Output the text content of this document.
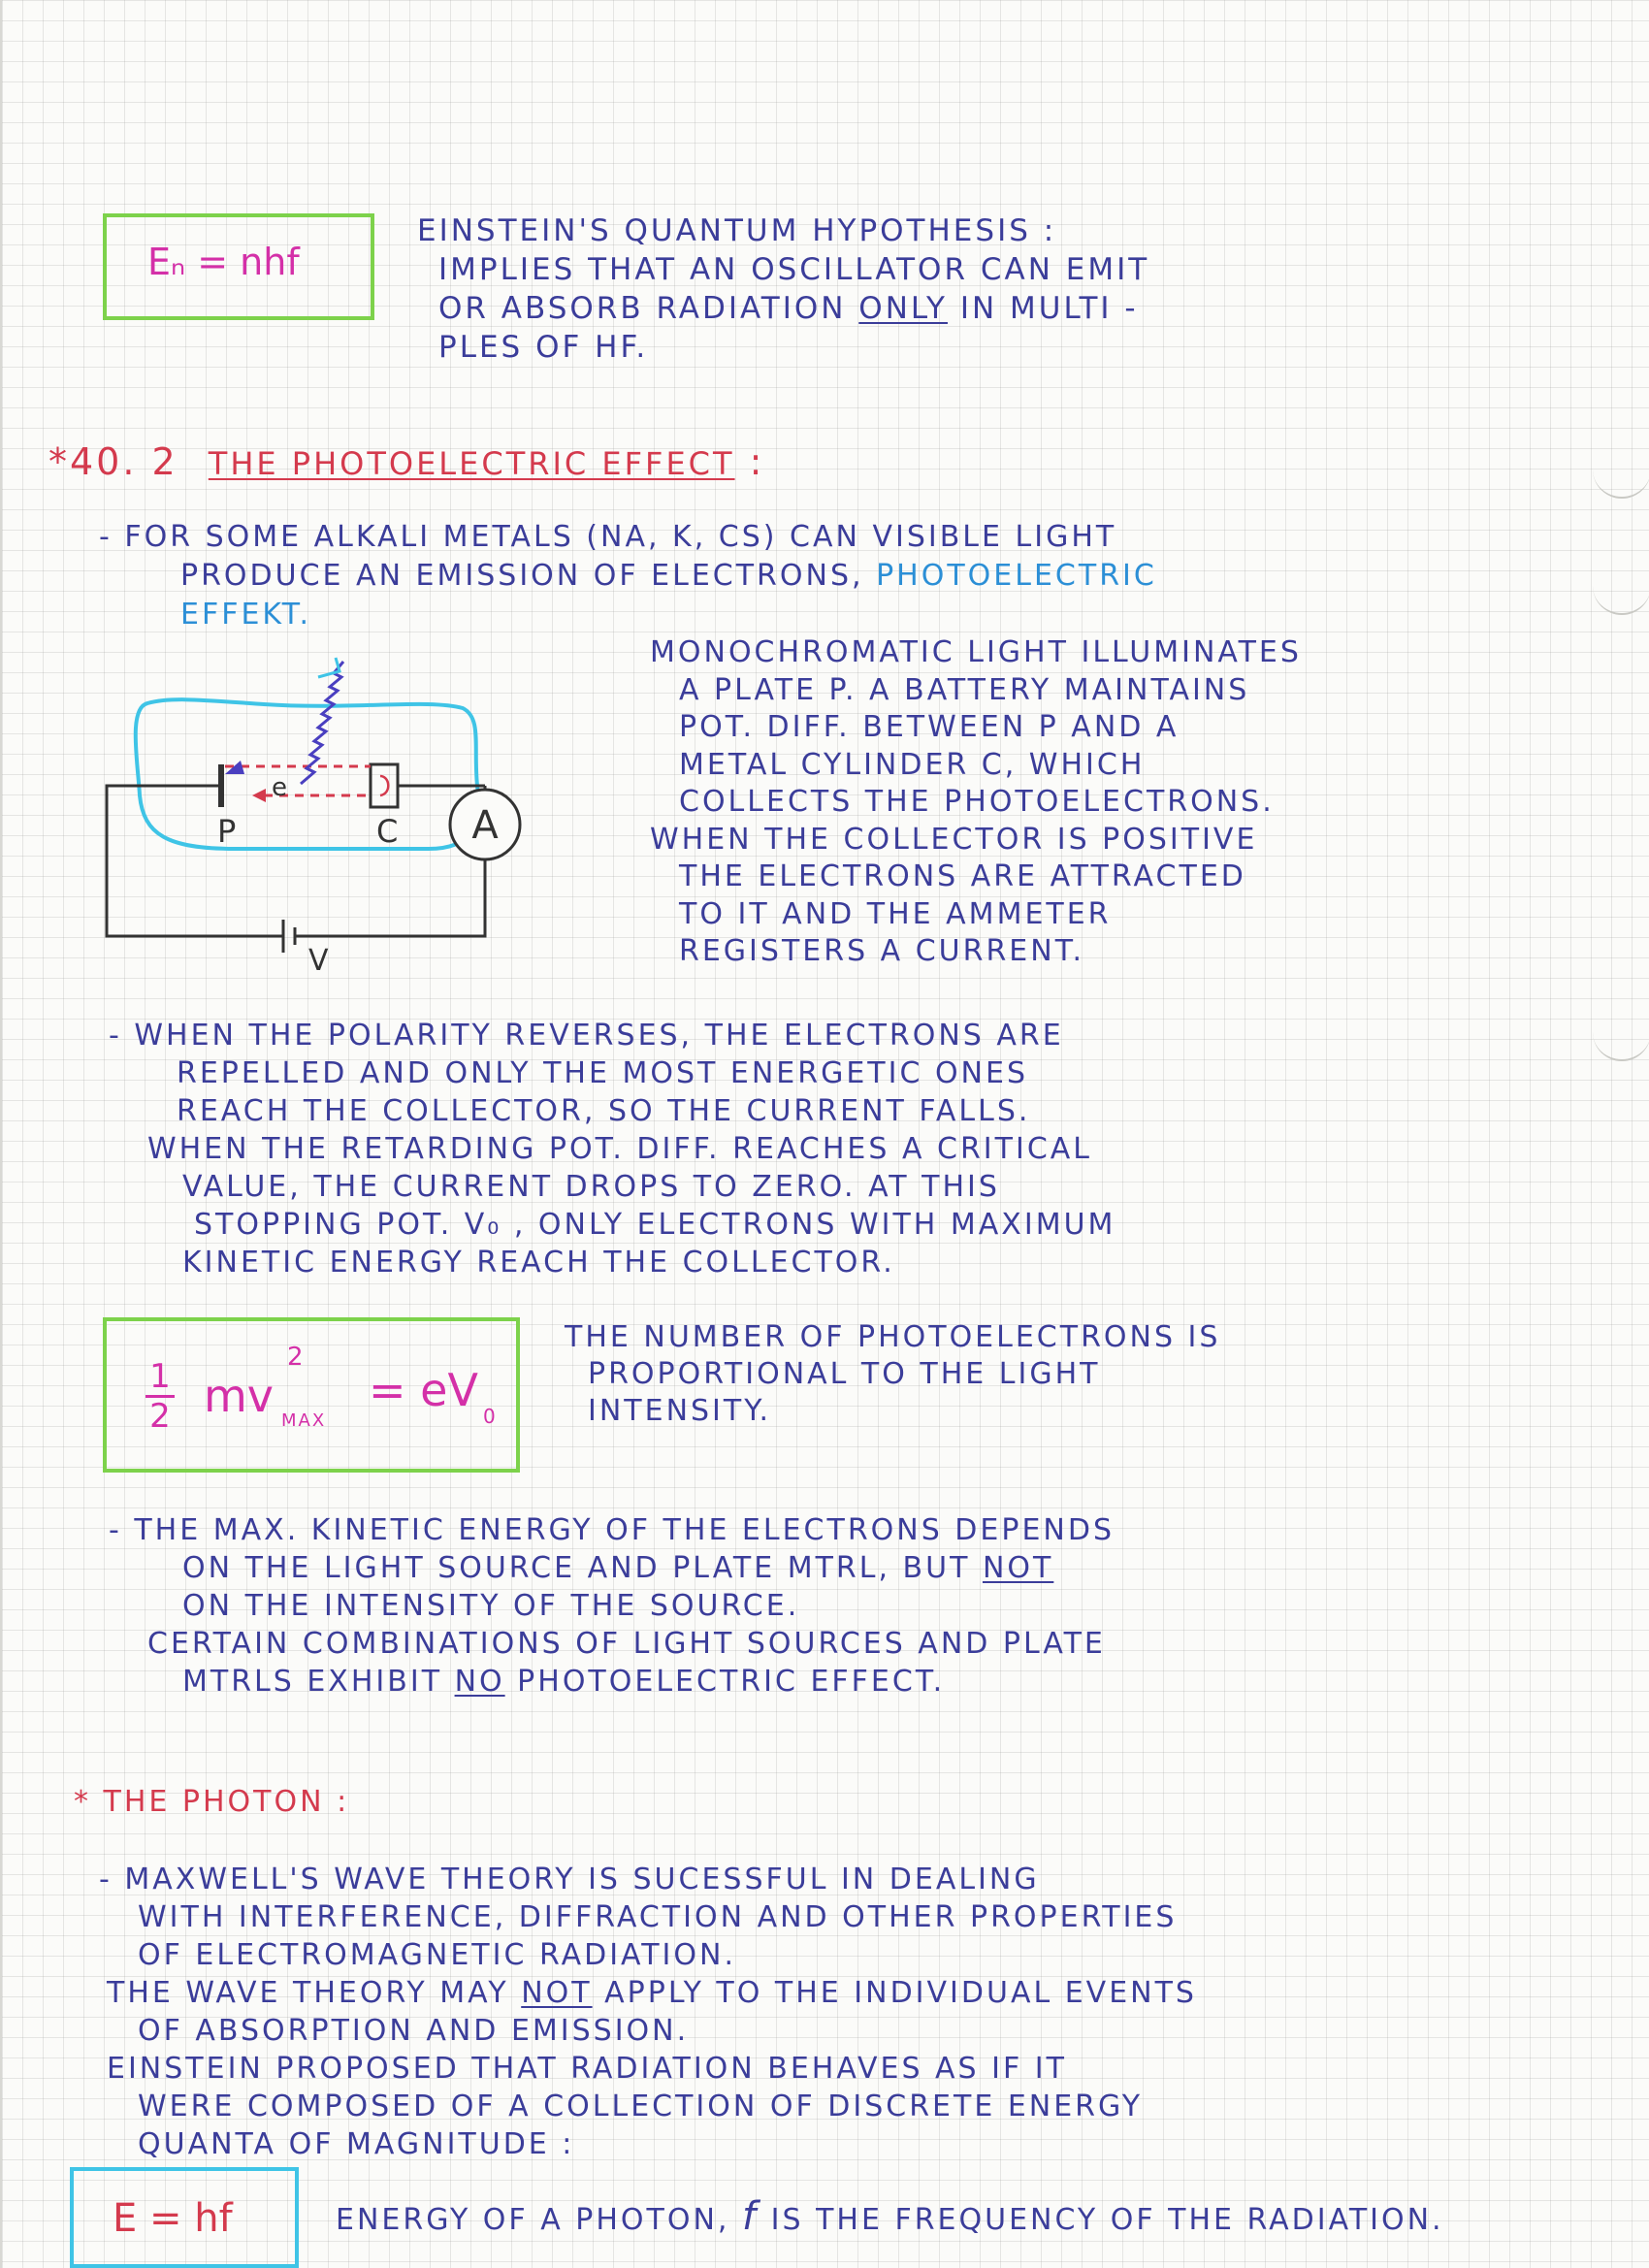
Eₙ = nhf
EINSTEIN'S QUANTUM HYPOTHESIS :
IMPLIES THAT AN OSCILLATOR CAN EMIT
OR ABSORB RADIATION ONLY IN MULTI -
PLES OF HF.
*40. 2 THE PHOTOELECTRIC EFFECT :
- FOR SOME ALKALI METALS (NA, K, CS) CAN VISIBLE LIGHT
PRODUCE AN EMISSION OF ELECTRONS, PHOTOELECTRIC
EFFEKT.
A
P	C
e
V
MONOCHROMATIC LIGHT ILLUMINATES
A PLATE P. A BATTERY MAINTAINS
POT. DIFF. BETWEEN P AND A
METAL CYLINDER C, WHICH
COLLECTS THE PHOTOELECTRONS.
WHEN THE COLLECTOR IS POSITIVE
THE ELECTRONS ARE ATTRACTED
TO IT AND THE AMMETER
REGISTERS A CURRENT.
- WHEN THE POLARITY REVERSES, THE ELECTRONS ARE
REPELLED AND ONLY THE MOST ENERGETIC ONES
REACH THE COLLECTOR, SO THE CURRENT FALLS.
WHEN THE RETARDING POT. DIFF. REACHES A CRITICAL
VALUE, THE CURRENT DROPS TO ZERO. AT THIS
STOPPING POT. V₀ , ONLY ELECTRONS WITH MAXIMUM
KINETIC ENERGY REACH THE COLLECTOR.
$\frac{1}{2}$ mv
2
MAX
= eV 0
THE NUMBER OF PHOTOELECTRONS IS
PROPORTIONAL TO THE LIGHT
INTENSITY.
- THE MAX. KINETIC ENERGY OF THE ELECTRONS DEPENDS
ON THE LIGHT SOURCE AND PLATE MTRL, BUT NOT
ON THE INTENSITY OF THE SOURCE.
CERTAIN COMBINATIONS OF LIGHT SOURCES AND PLATE
MTRLS EXHIBIT NO PHOTOELECTRIC EFFECT.
* THE PHOTON :
- MAXWELL'S WAVE THEORY IS SUCESSFUL IN DEALING
WITH INTERFERENCE, DIFFRACTION AND OTHER PROPERTIES
OF ELECTROMAGNETIC RADIATION.
THE WAVE THEORY MAY NOT APPLY TO THE INDIVIDUAL EVENTS
OF ABSORPTION AND EMISSION.
EINSTEIN PROPOSED THAT RADIATION BEHAVES AS IF IT
WERE COMPOSED OF A COLLECTION OF DISCRETE ENERGY
QUANTA OF MAGNITUDE :
E = hf	ENERGY OF A PHOTON, f IS THE FREQUENCY OF THE RADIATION.
